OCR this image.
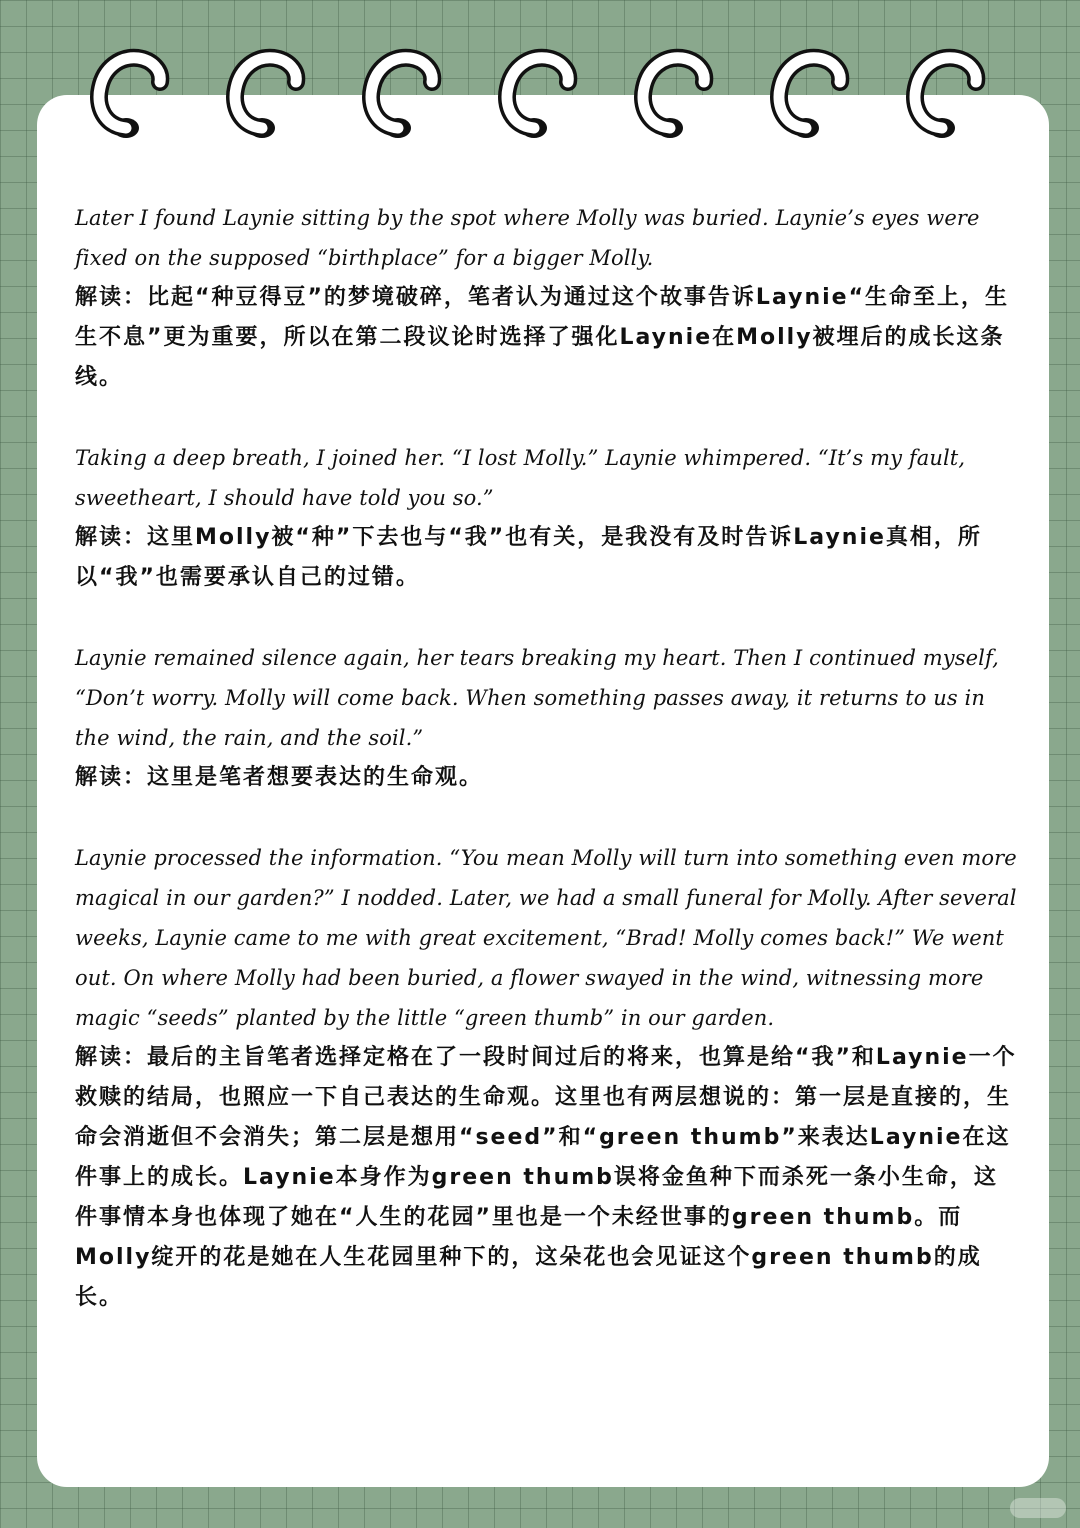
Later I found Laynie sitting by the spot where Molly was buried. Laynie’s eyes were fixed on the supposed “birthplace” for a bigger Molly.

解读：比起“种豆得豆”的梦境破碎，笔者认为通过这个故事告诉Laynie“生命至上，生生不息”更为重要，所以在第二段议论时选择了强化Laynie在Molly被埋后的成长这条线。

Taking a deep breath, I joined her. “I lost Molly.” Laynie whimpered. “It’s my fault, sweetheart, I should have told you so.”

解读：这里Molly被“种”下去也与“我”也有关，是我没有及时告诉Laynie真相，所以“我”也需要承认自己的过错。

Laynie remained silence again, her tears breaking my heart. Then I continued myself, “Don’t worry. Molly will come back. When something passes away, it returns to us in the wind, the rain, and the soil.”

解读：这里是笔者想要表达的生命观。

Laynie processed the information. “You mean Molly will turn into something even more magical in our garden?” I nodded. Later, we had a small funeral for Molly. After several weeks, Laynie came to me with great excitement, “Brad! Molly comes back!” We went out. On where Molly had been buried, a flower swayed in the wind, witnessing more magic “seeds” planted by the little “green thumb” in our garden.

解读：最后的主旨笔者选择定格在了一段时间过后的将来，也算是给“我”和Laynie一个救赎的结局，也照应一下自己表达的生命观。这里也有两层想说的：第一层是直接的，生命会消逝但不会消失；第二层是想用“seed”和“green thumb”来表达Laynie在这件事上的成长。Laynie本身作为green thumb误将金鱼种下而杀死一条小生命，这件事情本身也体现了她在“人生的花园”里也是一个未经世事的green thumb。而Molly绽开的花是她在人生花园里种下的，这朵花也会见证这个green thumb的成长。
